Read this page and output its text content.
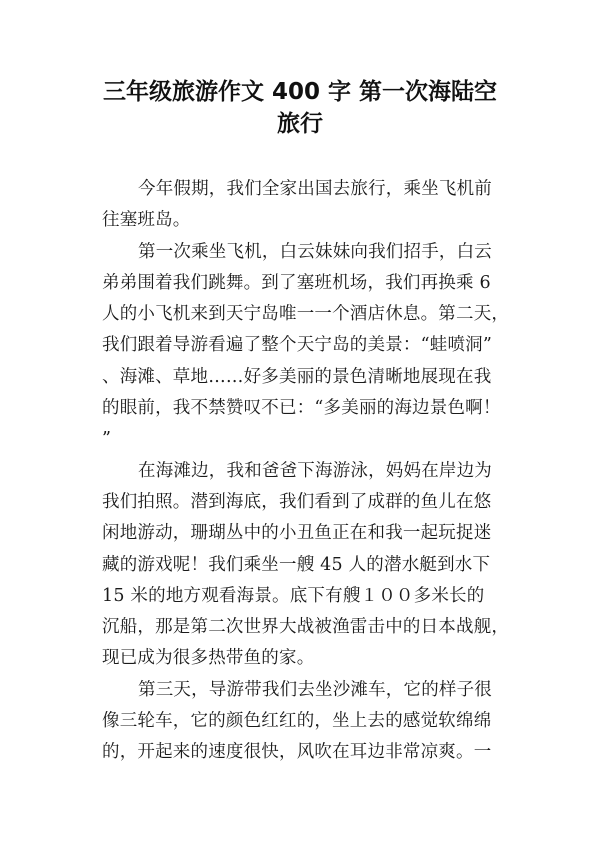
三年级旅游作文 400 字 第一次海陆空
旅行
今年假期，我们全家出国去旅行，乘坐飞机前
往塞班岛。
第一次乘坐飞机，白云妹妹向我们招手，白云
弟弟围着我们跳舞。到了塞班机场，我们再换乘 6
人的小飞机来到天宁岛唯一一个酒店休息。第二天，
我们跟着导游看遍了整个天宁岛的美景：“蛙喷洞”
、海滩、草地……好多美丽的景色清晰地展现在我
的眼前，我不禁赞叹不已：“多美丽的海边景色啊！
”
在海滩边，我和爸爸下海游泳，妈妈在岸边为
我们拍照。潜到海底，我们看到了成群的鱼儿在悠
闲地游动，珊瑚丛中的小丑鱼正在和我一起玩捉迷
藏的游戏呢！我们乘坐一艘 45 人的潜水艇到水下
15 米的地方观看海景。底下有艘１００多米长的
沉船，那是第二次世界大战被渔雷击中的日本战舰，
现已成为很多热带鱼的家。
第三天，导游带我们去坐沙滩车，它的样子很
像三轮车，它的颜色红红的，坐上去的感觉软绵绵
的，开起来的速度很快，风吹在耳边非常凉爽。一
